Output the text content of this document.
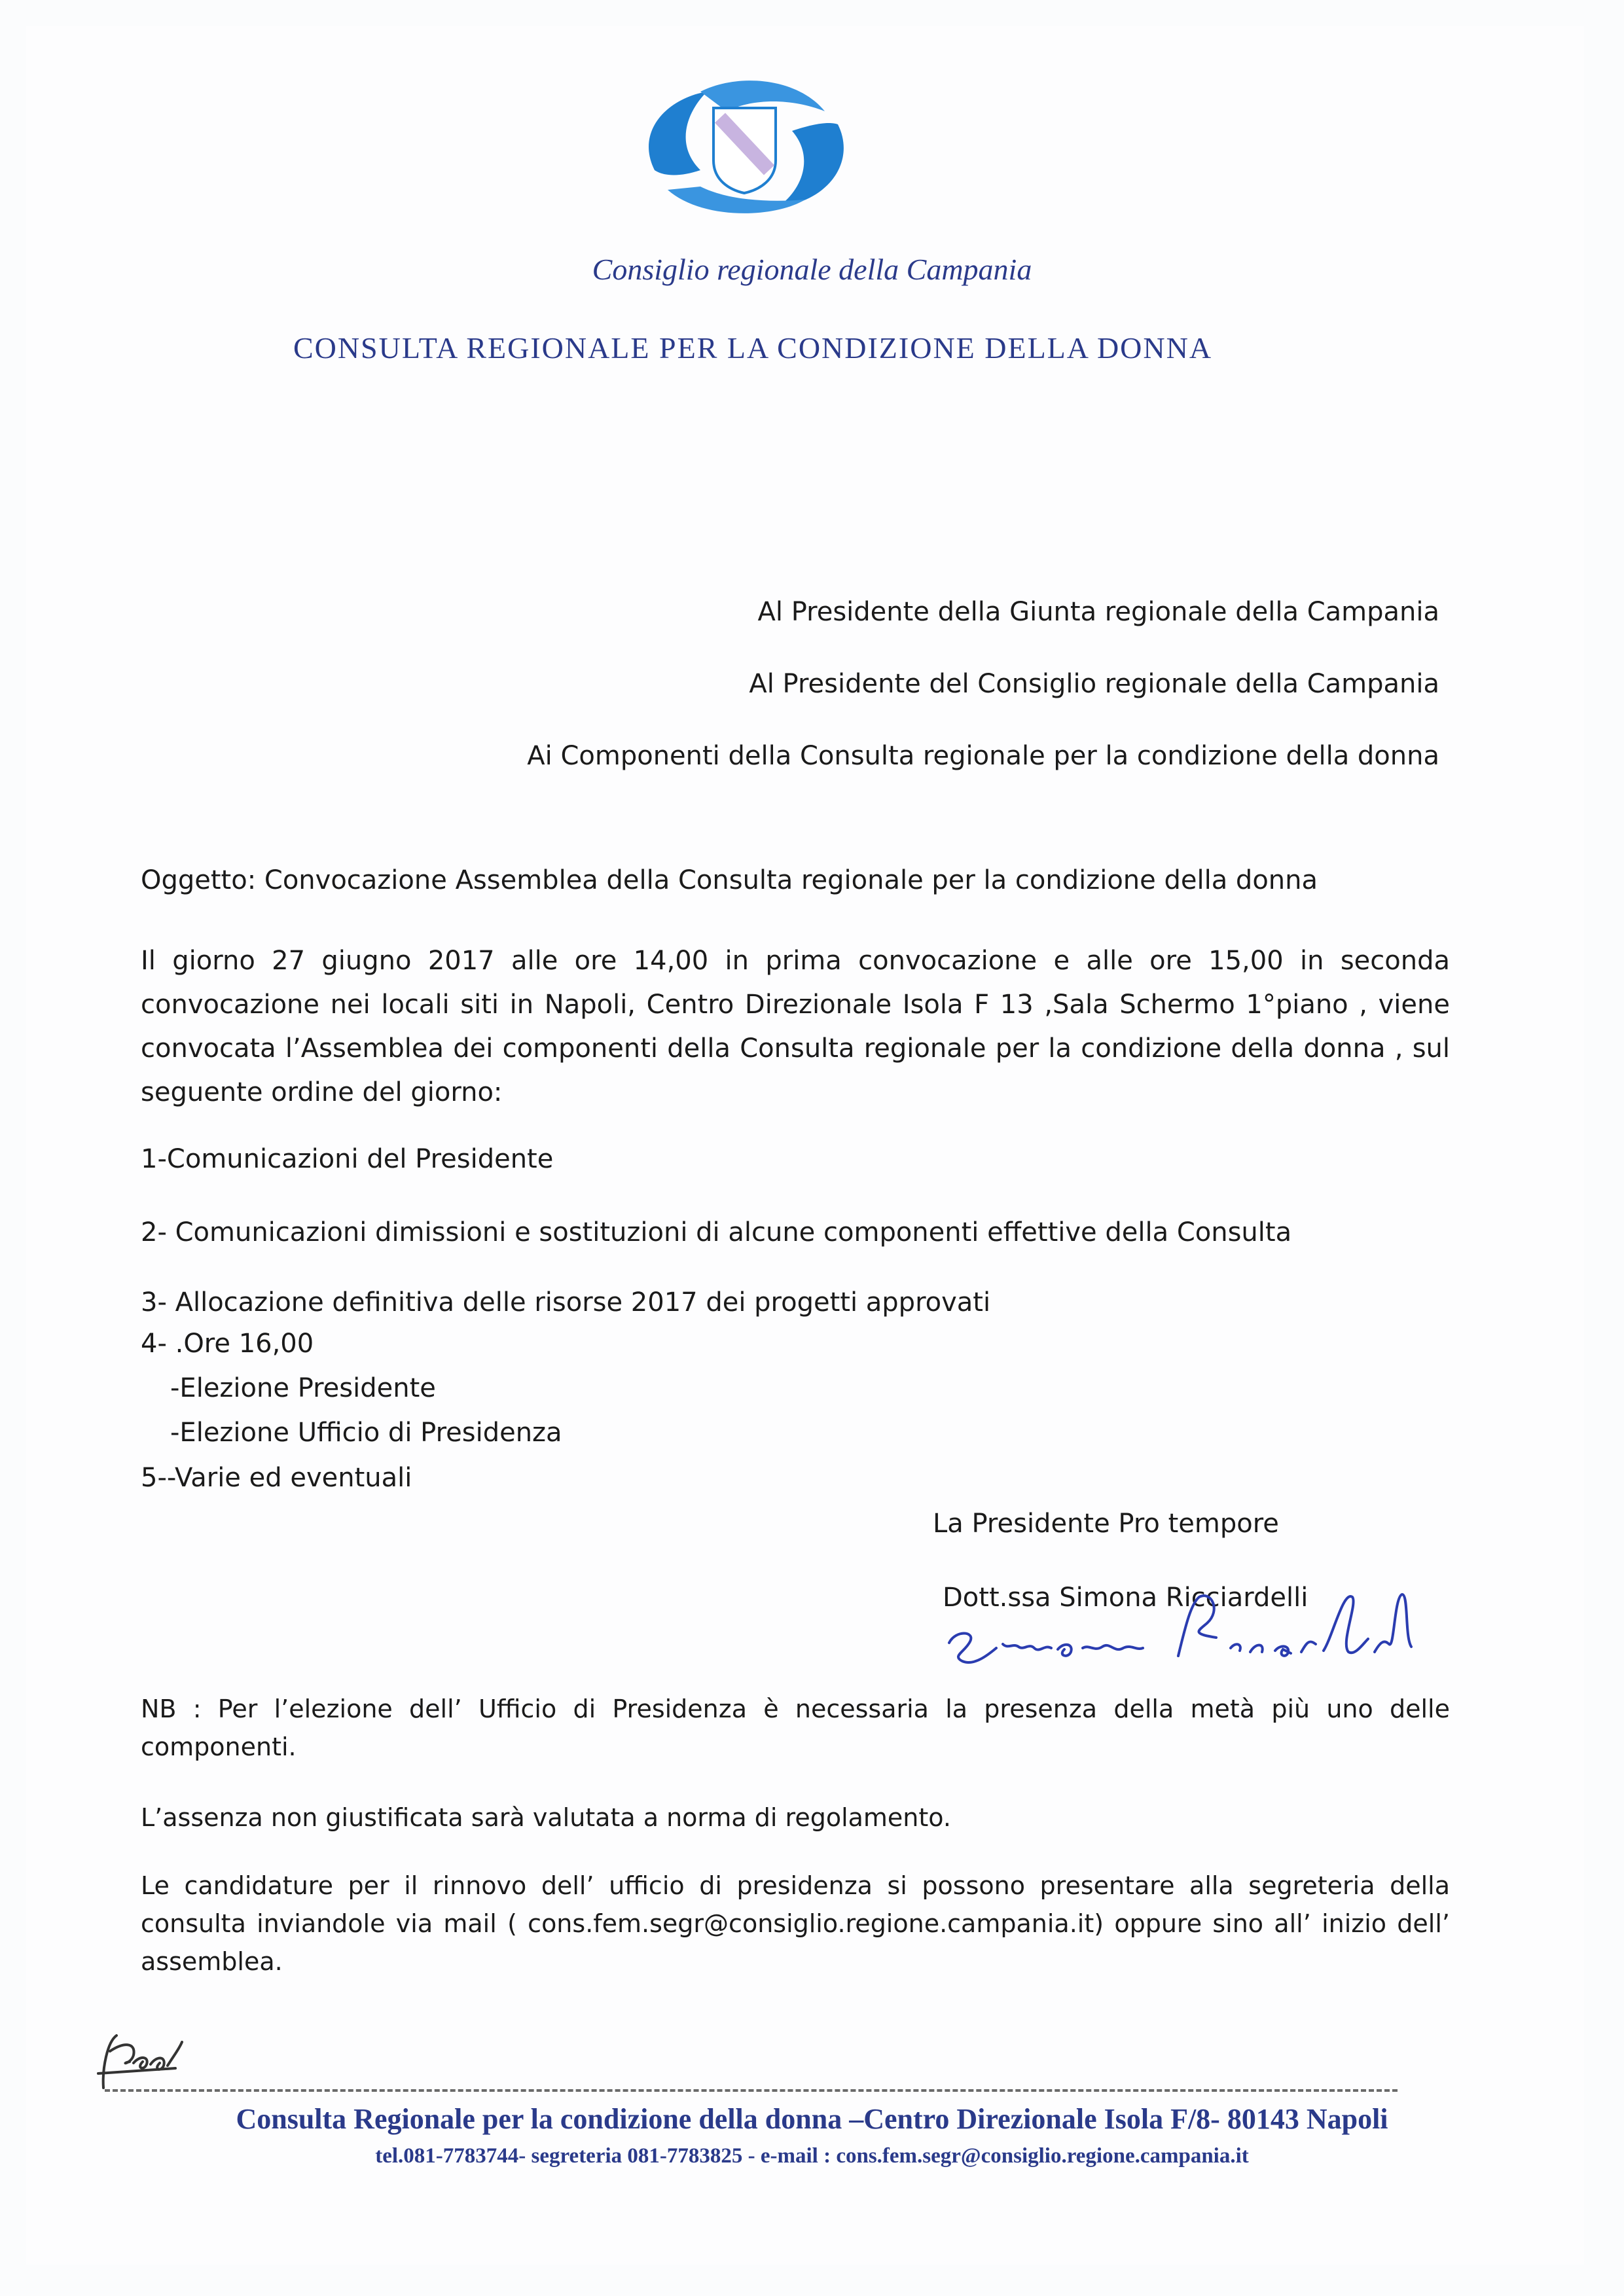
Consiglio regionale della Campania
CONSULTA REGIONALE PER LA CONDIZIONE DELLA DONNA
Al Presidente della Giunta regionale della Campania
Al Presidente del Consiglio regionale della Campania
Ai Componenti della Consulta regionale per la condizione della donna
Oggetto: Convocazione Assemblea della Consulta regionale per la condizione della donna
Il giorno 27 giugno 2017 alle ore 14,00 in prima convocazione e alle ore 15,00 in seconda convocazione nei locali siti in Napoli, Centro Direzionale Isola F 13 ,Sala Schermo 1°piano , viene convocata l’Assemblea dei componenti della Consulta regionale per la condizione della donna , sul seguente ordine del giorno:
1-Comunicazioni del Presidente
2- Comunicazioni dimissioni e sostituzioni di alcune componenti effettive della Consulta
3- Allocazione definitiva delle risorse 2017 dei progetti approvati
4- .Ore 16,00
-Elezione Presidente
-Elezione Ufficio di Presidenza
5--Varie ed eventuali
La Presidente Pro tempore
Dott.ssa Simona Ricciardelli
NB : Per l’elezione dell’ Ufficio di Presidenza è necessaria la presenza della metà più uno delle componenti.
L’assenza non giustificata sarà valutata a norma di regolamento.
Le candidature per il rinnovo dell’ ufficio di presidenza si possono presentare alla segreteria della consulta inviandole via mail ( cons.fem.segr@consiglio.regione.campania.it) oppure sino all’ inizio dell’ assemblea.
Consulta Regionale per la condizione della donna –Centro Direzionale Isola F/8- 80143 Napoli
tel.081-7783744- segreteria 081-7783825 - e-mail : cons.fem.segr@consiglio.regione.campania.it
